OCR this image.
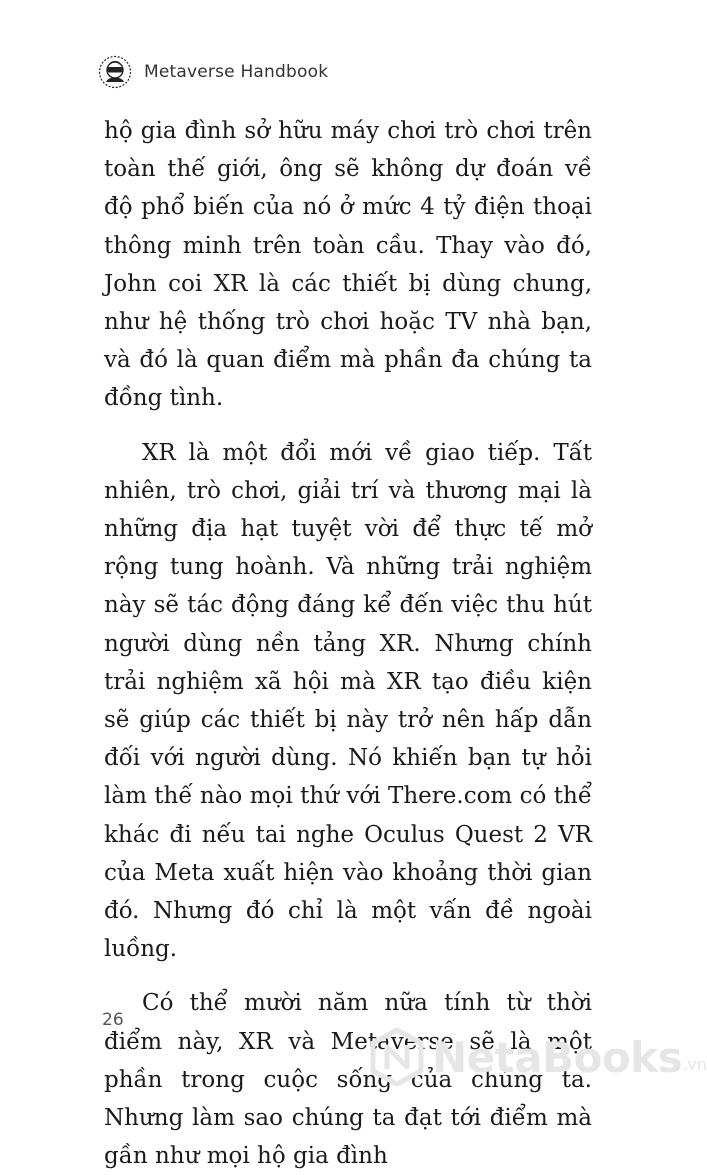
Metaverse Handbook

hộ gia đình sở hữu máy chơi trò chơi trên toàn thế giới, ông sẽ không dự đoán về độ phổ biến của nó ở mức 4 tỷ điện thoại thông minh trên toàn cầu. Thay vào đó, John coi XR là các thiết bị dùng chung, như hệ thống trò chơi hoặc TV nhà bạn, và đó là quan điểm mà phần đa chúng ta đồng tình.

XR là một đổi mới về giao tiếp. Tất nhiên, trò chơi, giải trí và thương mại là những địa hạt tuyệt vời để thực tế mở rộng tung hoành. Và những trải nghiệm này sẽ tác động đáng kể đến việc thu hút người dùng nền tảng XR. Nhưng chính trải nghiệm xã hội mà XR tạo điều kiện sẽ giúp các thiết bị này trở nên hấp dẫn đối với người dùng. Nó khiến bạn tự hỏi làm thế nào mọi thứ với There.com có thể khác đi nếu tai nghe Oculus Quest 2 VR của Meta xuất hiện vào khoảng thời gian đó. Nhưng đó chỉ là một vấn đề ngoài luồng.

Có thể mười năm nữa tính từ thời điểm này, XR và Metaverse sẽ là một phần trong cuộc sống của chúng ta. Nhưng làm sao chúng ta đạt tới điểm mà gần như mọi hộ gia đình

26
NetaBooks .vn
